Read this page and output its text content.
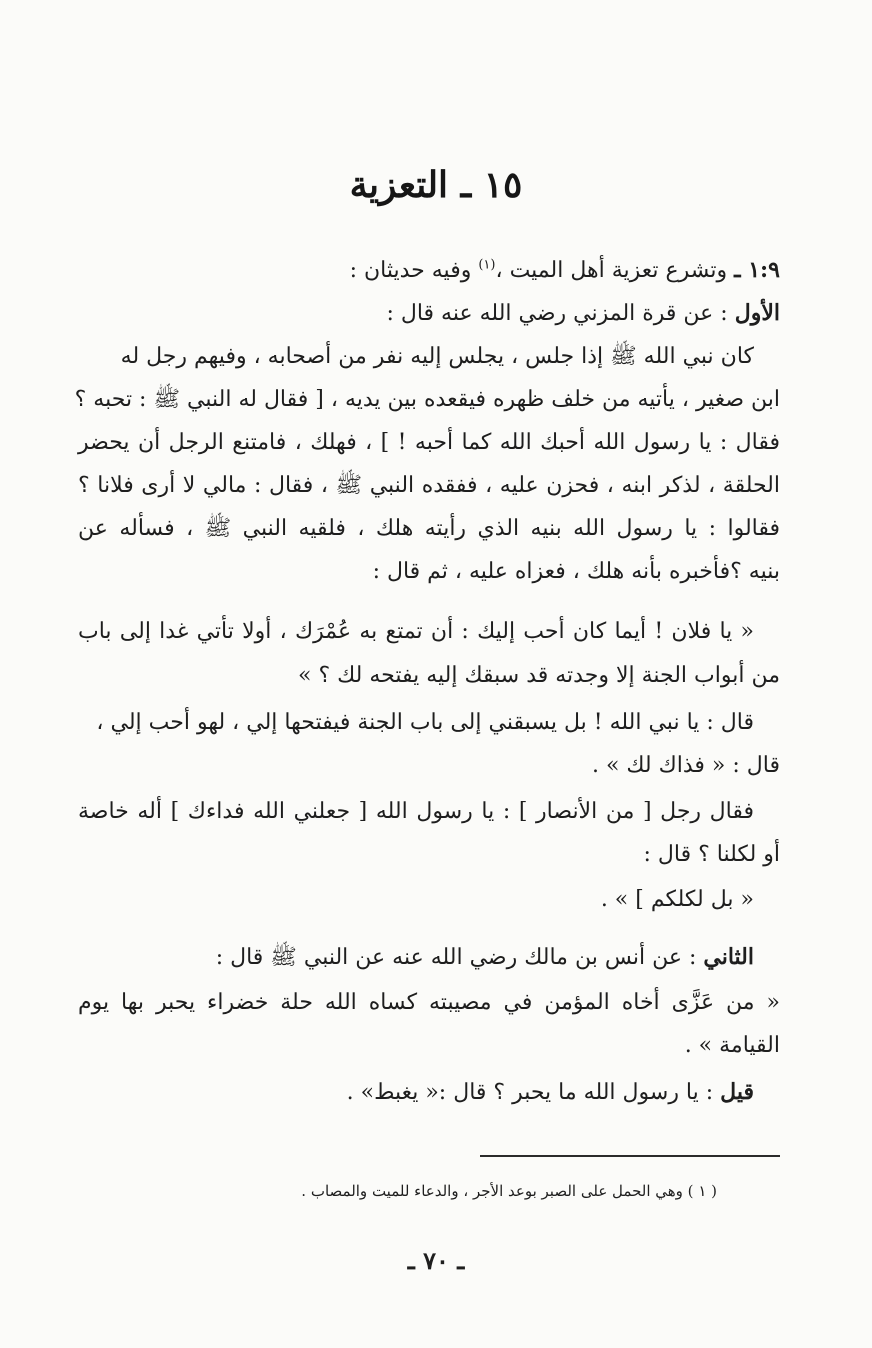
١٥ ـ التعزية

١:٩ ـ وتشرع تعزية أهل الميت ،$^{(١)}$ وفيه حديثان :

الأول : عن قرة المزني رضي الله عنه قال :

كان نبي الله ﷺ إذا جلس ، يجلس إليه نفر من أصحابه ، وفيهم رجل له

ابن صغير ، يأتيه من خلف ظهره فيقعده بين يديه ، [ فقال له النبي ﷺ : تحبه ؟

فقال : يا رسول الله أحبك الله كما أحبه ! ] ، فهلك ، فامتنع الرجل أن يحضر

الحلقة ، لذكر ابنه ، فحزن عليه ، ففقده النبي ﷺ ، فقال : مالي لا أرى فلانا ؟

فقالوا : يا رسول الله بنيه الذي رأيته هلك ، فلقيه النبي ﷺ ، فسأله عن

بنيه ؟فأخبره بأنه هلك ، فعزاه عليه ، ثم قال :

« يا فلان ! أيما كان أحب إليك : أن تمتع به عُمْرَك ، أولا تأتي غدا إلى باب

من أبواب الجنة إلا وجدته قد سبقك إليه يفتحه لك ؟ »

قال : يا نبي الله ! بل يسبقني إلى باب الجنة فيفتحها إلي ، لهو أحب إلي ،

قال : « فذاك لك » .

فقال رجل [ من الأنصار ] : يا رسول الله [ جعلني الله فداءك ] أله خاصة

أو لكلنا ؟ قال :

« بل لكلكم ] » .

الثاني : عن أنس بن مالك رضي الله عنه عن النبي ﷺ قال :

« من عَزَّى أخاه المؤمن في مصيبته كساه الله حلة خضراء يحبر بها يوم

القيامة » .

قيل : يا رسول الله ما يحبر ؟ قال :« يغبط» .

( ١ ) وهي الحمل على الصبر بوعد الأجر ، والدعاء للميت والمصاب .
ـ ٧٠ ـ
